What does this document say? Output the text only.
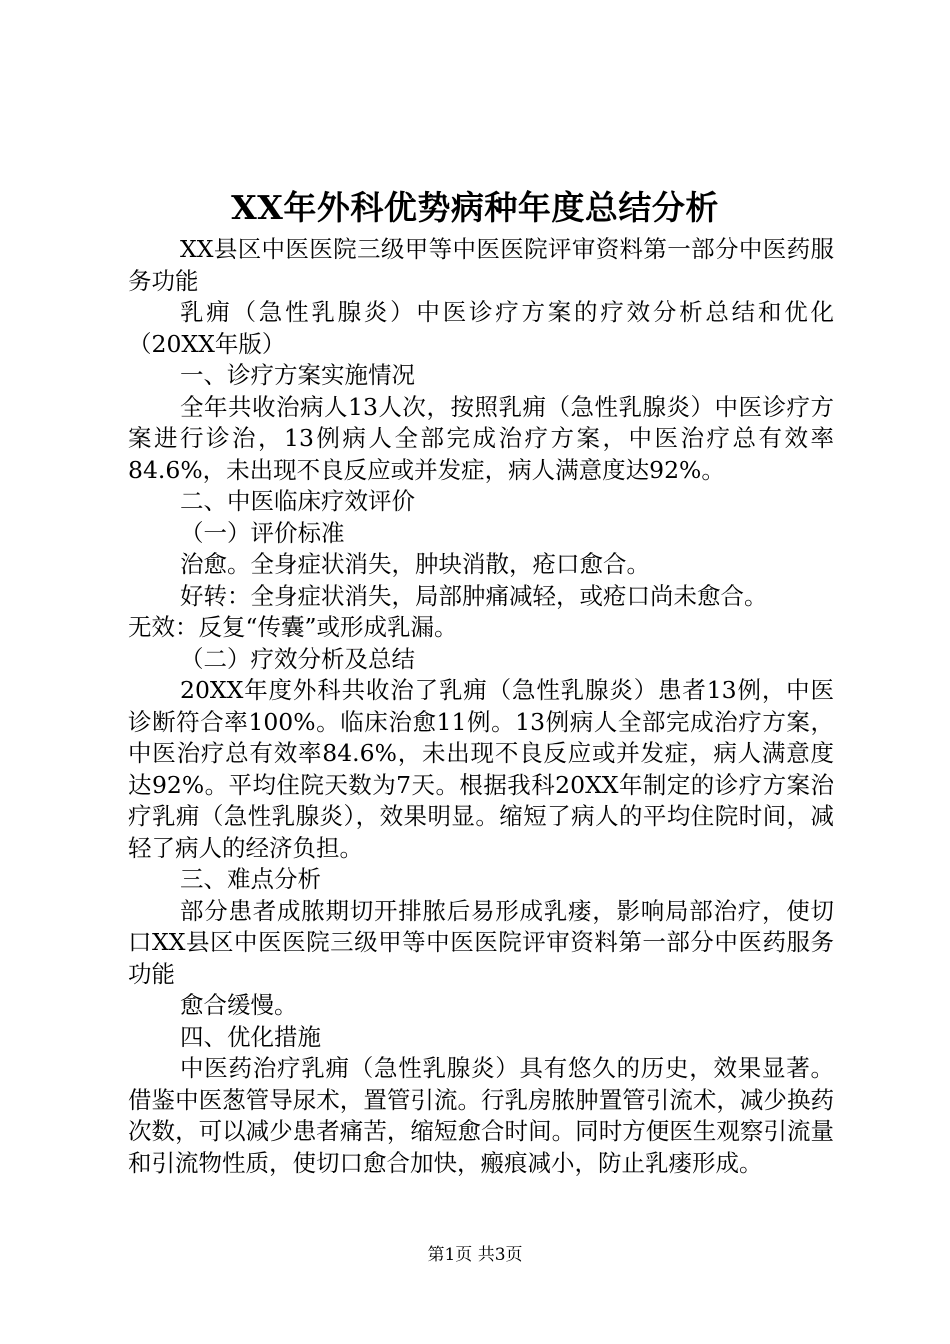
XX年外科优势病种年度总结分析

XX县区中医医院三级甲等中医医院评审资料第一部分中医药服务功能

乳痈（急性乳腺炎）中医诊疗方案的疗效分析总结和优化（20XX年版）

一、诊疗方案实施情况

全年共收治病人13人次，按照乳痈（急性乳腺炎）中医诊疗方案进行诊治，13例病人全部完成治疗方案，中医治疗总有效率84.6%，未出现不良反应或并发症，病人满意度达92%。

二、中医临床疗效评价

（一）评价标准

治愈。全身症状消失，肿块消散，疮口愈合。

好转：全身症状消失，局部肿痛减轻，或疮口尚未愈合。

无效：反复“传囊”或形成乳漏。

（二）疗效分析及总结

20XX年度外科共收治了乳痈（急性乳腺炎）患者13例，中医诊断符合率100%。临床治愈11例。13例病人全部完成治疗方案，中医治疗总有效率84.6%，未出现不良反应或并发症，病人满意度达92%。平均住院天数为7天。根据我科20XX年制定的诊疗方案治疗乳痈（急性乳腺炎），效果明显。缩短了病人的平均住院时间，减轻了病人的经济负担。

三、难点分析

部分患者成脓期切开排脓后易形成乳瘘，影响局部治疗，使切口XX县区中医医院三级甲等中医医院评审资料第一部分中医药服务功能

愈合缓慢。

四、优化措施

中医药治疗乳痈（急性乳腺炎）具有悠久的历史，效果显著。借鉴中医葱管导尿术，置管引流。行乳房脓肿置管引流术，减少换药次数，可以减少患者痛苦，缩短愈合时间。同时方便医生观察引流量和引流物性质，使切口愈合加快，瘢痕减小，防止乳瘘形成。

第1页 共3页
